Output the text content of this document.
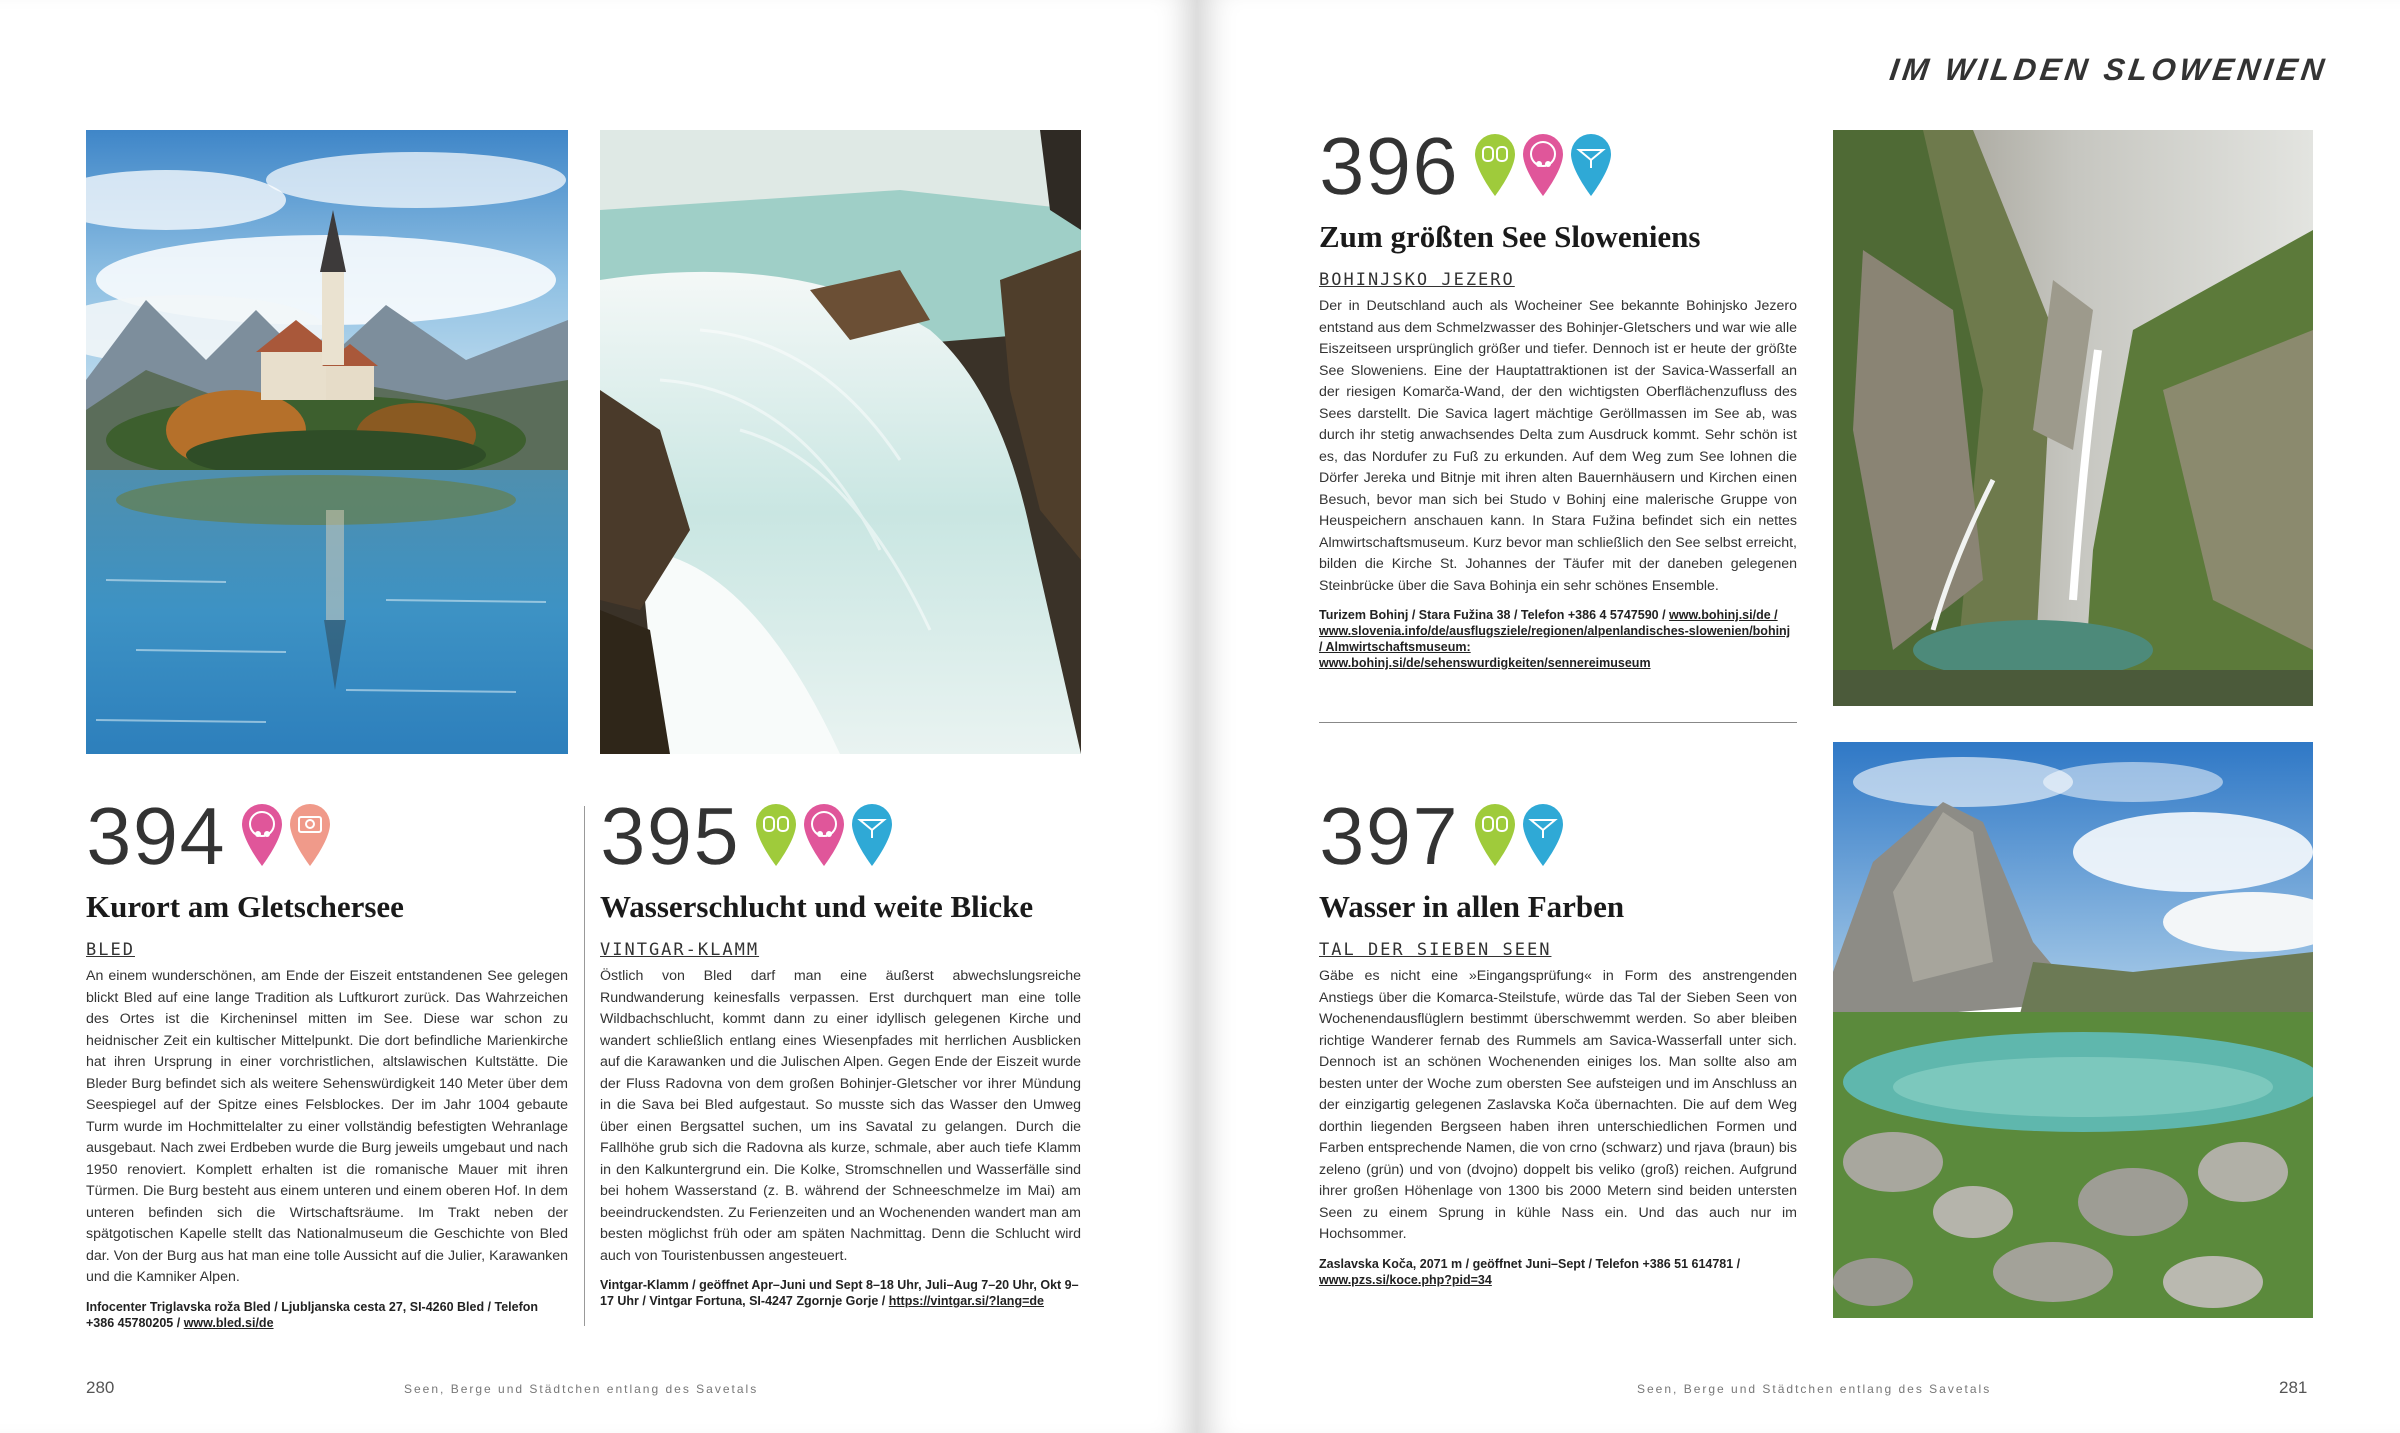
394
Kurort am Gletschersee
BLED
An einem wunderschönen, am Ende der Eiszeit entstandenen See gelegen blickt Bled auf eine lange Tradition als Luftkurort zurück. Das Wahrzeichen des Ortes ist die Kircheninsel mitten im See. Diese war schon zu heidnischer Zeit ein kultischer Mittelpunkt. Die dort befindliche Marienkirche hat ihren Ursprung in einer vorchristlichen, altslawischen Kultstätte. Die Bleder Burg befindet sich als weitere Sehenswürdigkeit 140 Meter über dem Seespiegel auf der Spitze eines Felsblockes. Der im Jahr 1004 gebaute Turm wurde im Hochmittelalter zu einer vollständig befestigten Wehranlage ausgebaut. Nach zwei Erdbeben wurde die Burg jeweils umgebaut und nach 1950 renoviert. Komplett erhalten ist die romanische Mauer mit ihren Türmen. Die Burg besteht aus einem unteren und einem oberen Hof. In dem unteren befinden sich die Wirtschaftsräume. Im Trakt neben der spätgotischen Kapelle stellt das Nationalmuseum die Geschichte von Bled dar. Von der Burg aus hat man eine tolle Aussicht auf die Julier, Karawanken und die Kamniker Alpen.
Infocenter Triglavska roža Bled / Ljubljanska cesta 27, SI-4260 Bled / Telefon +386 45780205 / www.bled.si/de
395
Wasserschlucht und weite Blicke
VINTGAR-KLAMM
Östlich von Bled darf man eine äußerst abwechslungsreiche Rundwanderung keinesfalls verpassen. Erst durchquert man eine tolle Wildbachschlucht, kommt dann zu einer idyllisch gelegenen Kirche und wandert schließlich entlang eines Wiesenpfades mit herrlichen Ausblicken auf die Karawanken und die Julischen Alpen. Gegen Ende der Eiszeit wurde der Fluss Radovna von dem großen Bohinjer-Gletscher vor ihrer Mündung in die Sava bei Bled aufgestaut. So musste sich das Wasser den Umweg über einen Bergsattel suchen, um ins Savatal zu gelangen. Durch die Fallhöhe grub sich die Radovna als kurze, schmale, aber auch tiefe Klamm in den Kalkuntergrund ein. Die Kolke, Stromschnellen und Wasserfälle sind bei hohem Wasserstand (z. B. während der Schneeschmelze im Mai) am beeindruckendsten. Zu Ferienzeiten und an Wochenenden wandert man am besten möglichst früh oder am späten Nachmittag. Denn die Schlucht wird auch von Touristenbussen angesteuert.
Vintgar-Klamm / geöffnet Apr–Juni und Sept 8–18 Uhr, Juli–Aug 7–20 Uhr, Okt 9–17 Uhr / Vintgar Fortuna, SI-4247 Zgornje Gorje / https://vintgar.si/?lang=de
280	Seen, Berge und Städtchen entlang des Savetals
IM WILDEN SLOWENIEN
396
Zum größten See Sloweniens
BOHINJSKO JEZERO
Der in Deutschland auch als Wocheiner See bekannte Bohinjsko Jezero entstand aus dem Schmelzwasser des Bohinjer-Gletschers und war wie alle Eiszeitseen ursprünglich größer und tiefer. Dennoch ist er heute der größte See Sloweniens. Eine der Hauptattraktionen ist der Savica-Wasserfall an der riesigen Komarča-Wand, der den wichtigsten Oberflächenzufluss des Sees darstellt. Die Savica lagert mächtige Geröllmassen im See ab, was durch ihr stetig anwachsendes Delta zum Ausdruck kommt. Sehr schön ist es, das Nordufer zu Fuß zu erkunden. Auf dem Weg zum See lohnen die Dörfer Jereka und Bitnje mit ihren alten Bauernhäusern und Kirchen einen Besuch, bevor man sich bei Studo v Bohinj eine malerische Gruppe von Heuspeichern anschauen kann. In Stara Fužina befindet sich ein nettes Almwirtschaftsmuseum. Kurz bevor man schließlich den See selbst erreicht, bilden die Kirche St. Johannes der Täufer mit der daneben gelegenen Steinbrücke über die Sava Bohinja ein sehr schönes Ensemble.
Turizem Bohinj / Stara Fužina 38 / Telefon +386 4 5747590 / www.bohinj.si/de / www.slovenia.info/de/ausflugsziele/regionen/alpenlandisches-slowenien/bohinj / Almwirtschaftsmuseum: www.bohinj.si/de/sehenswurdigkeiten/sennereimuseum
397
Wasser in allen Farben
TAL DER SIEBEN SEEN
Gäbe es nicht eine »Eingangsprüfung« in Form des anstrengenden Anstiegs über die Komarca-Steilstufe, würde das Tal der Sieben Seen von Wochenendausflüglern bestimmt überschwemmt werden. So aber bleiben richtige Wanderer fernab des Rummels am Savica-Wasserfall unter sich. Dennoch ist an schönen Wochenenden einiges los. Man sollte also am besten unter der Woche zum obersten See aufsteigen und im Anschluss an der einzigartig gelegenen Zaslavska Koča übernachten. Die auf dem Weg dorthin liegenden Bergseen haben ihren unterschiedlichen Formen und Farben entsprechende Namen, die von crno (schwarz) und rjava (braun) bis zeleno (grün) und von (dvojno) doppelt bis veliko (groß) reichen. Aufgrund ihrer großen Höhenlage von 1300 bis 2000 Metern sind beiden untersten Seen zu einem Sprung in kühle Nass ein. Und das auch nur im Hochsommer.
Zaslavska Koča, 2071 m / geöffnet Juni–Sept / Telefon +386 51 614781 / www.pzs.si/koce.php?pid=34
Seen, Berge und Städtchen entlang des Savetals	281
